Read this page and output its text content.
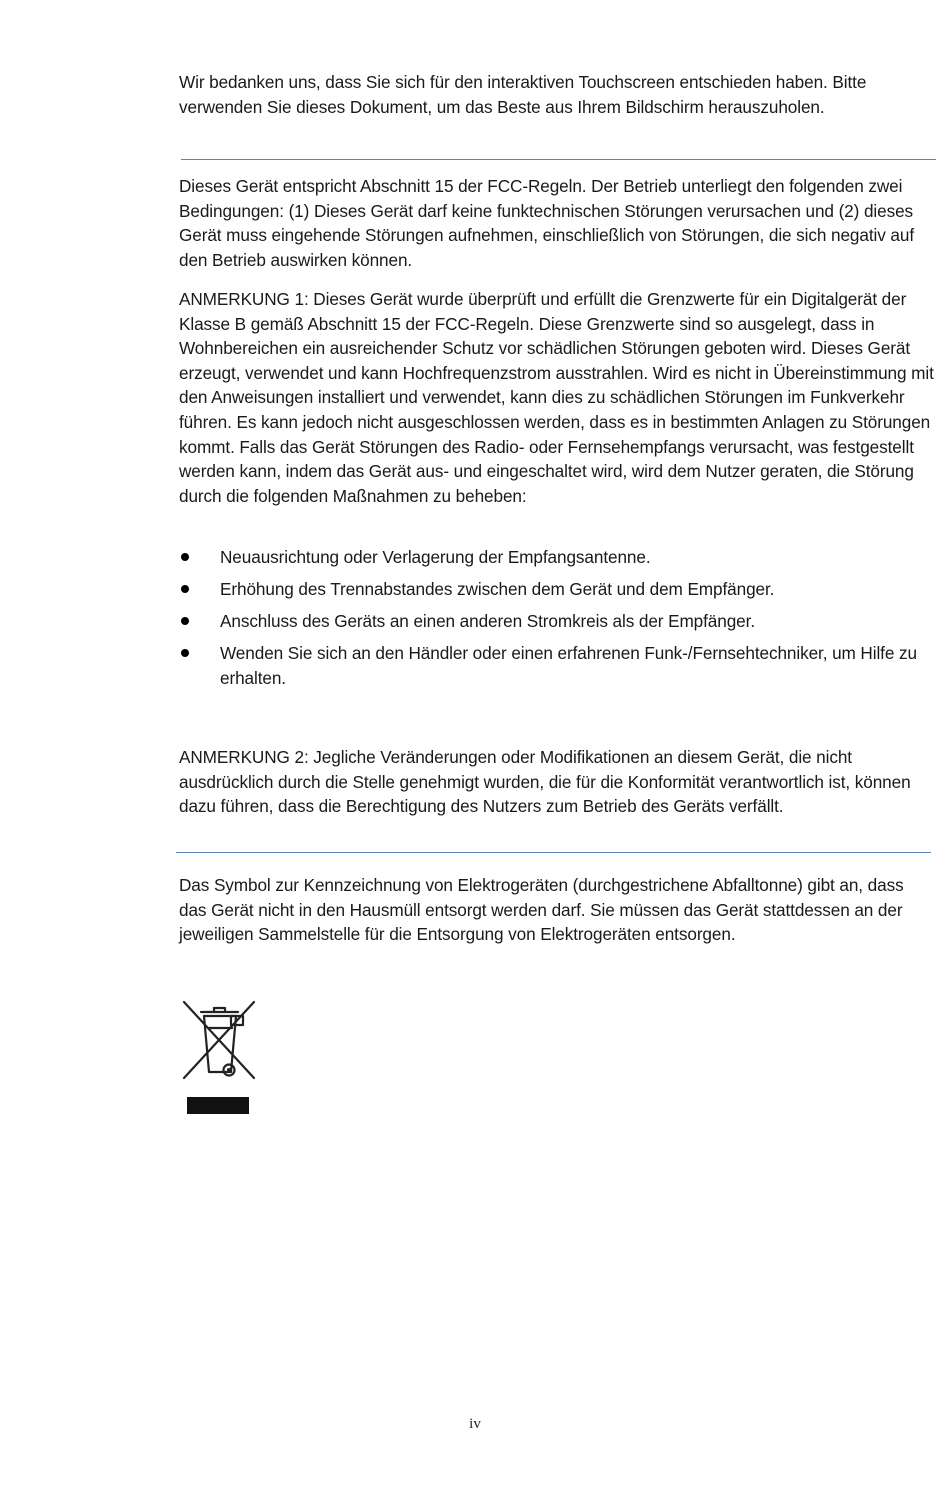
Wir bedanken uns, dass Sie sich für den interaktiven Touchscreen entschieden haben. Bitte verwenden Sie dieses Dokument, um das Beste aus Ihrem Bildschirm herauszuholen.

Dieses Gerät entspricht Abschnitt 15 der FCC-Regeln. Der Betrieb unterliegt den folgenden zwei Bedingungen: (1) Dieses Gerät darf keine funktechnischen Störungen verursachen und (2) dieses Gerät muss eingehende Störungen aufnehmen, einschließlich von Störungen, die sich negativ auf den Betrieb auswirken können.

ANMERKUNG 1: Dieses Gerät wurde überprüft und erfüllt die Grenzwerte für ein Digitalgerät der Klasse B gemäß Abschnitt 15 der FCC-Regeln. Diese Grenzwerte sind so ausgelegt, dass in Wohnbereichen ein ausreichender Schutz vor schädlichen Störungen geboten wird. Dieses Gerät erzeugt, verwendet und kann Hochfrequenzstrom ausstrahlen. Wird es nicht in Übereinstimmung mit den Anweisungen installiert und verwendet, kann dies zu schädlichen Störungen im Funkverkehr führen. Es kann jedoch nicht ausgeschlossen werden, dass es in bestimmten Anlagen zu Störungen kommt. Falls das Gerät Störungen des Radio- oder Fernsehempfangs verursacht, was festgestellt werden kann, indem das Gerät aus- und eingeschaltet wird, wird dem Nutzer geraten, die Störung durch die folgenden Maßnahmen zu beheben:

Neuausrichtung oder Verlagerung der Empfangsantenne.
Erhöhung des Trennabstandes zwischen dem Gerät und dem Empfänger.
Anschluss des Geräts an einen anderen Stromkreis als der Empfänger.
Wenden Sie sich an den Händler oder einen erfahrenen Funk-/Fernsehtechniker, um Hilfe zu erhalten.

ANMERKUNG 2: Jegliche Veränderungen oder Modifikationen an diesem Gerät, die nicht ausdrücklich durch die Stelle genehmigt wurden, die für die Konformität verantwortlich ist, können dazu führen, dass die Berechtigung des Nutzers zum Betrieb des Geräts verfällt.

Das Symbol zur Kennzeichnung von Elektrogeräten (durchgestrichene Abfalltonne) gibt an, dass das Gerät nicht in den Hausmüll entsorgt werden darf. Sie müssen das Gerät stattdessen an der jeweiligen Sammelstelle für die Entsorgung von Elektrogeräten entsorgen.

iv
